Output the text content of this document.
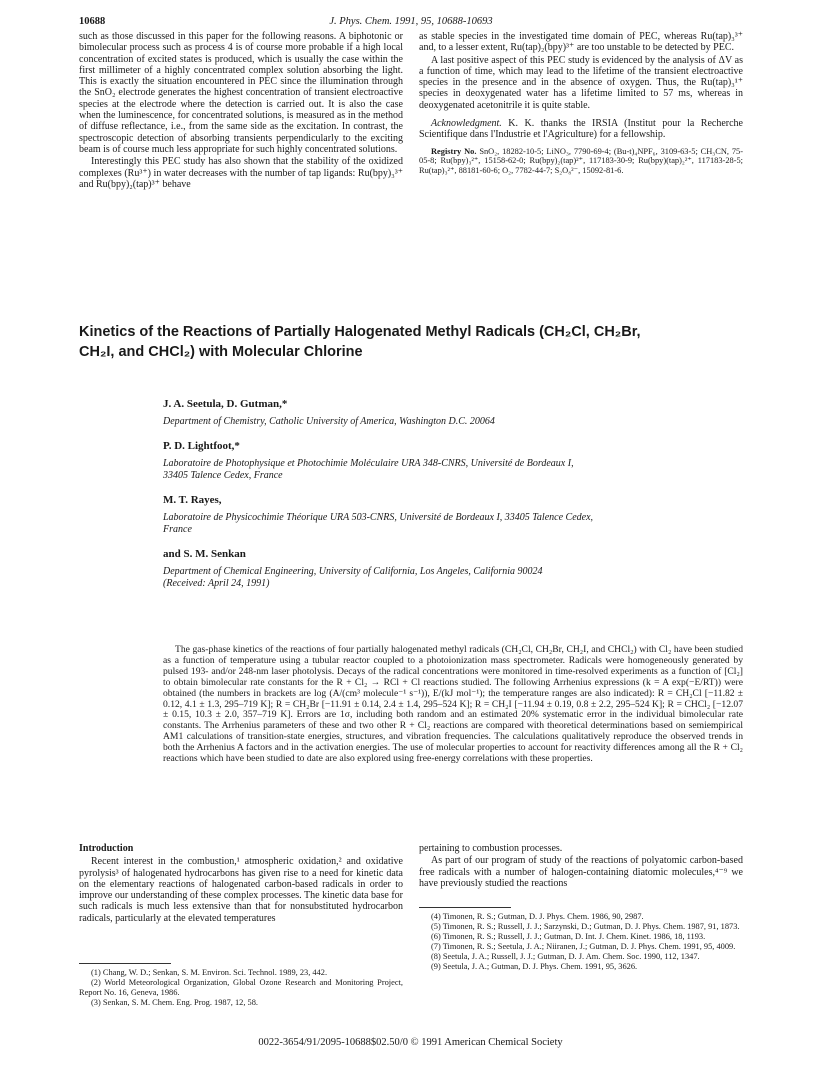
10688	J. Phys. Chem. 1991, 95, 10688-10693

such as those discussed in this paper for the following reasons. A biphotonic or bimolecular process such as process 4 is of course more probable if a high local concentration of excited states is produced, which is usually the case within the first millimeter of a highly concentrated complex solution absorbing the light. This is exactly the situation encountered in PEC since the illumination through the SnO₂ electrode generates the highest concentration of transient electroactive species at the electrode where the detection is carried out. It is also the case when the luminescence, for concentrated solutions, is measured as in the method of diffuse reflectance, i.e., from the same side as the excitation. In contrast, the spectroscopic detection of absorbing transients perpendicularly to the exciting beam is of course much less appropriate for such highly concentrated solutions.

Interestingly this PEC study has also shown that the stability of the oxidized complexes (Ru³⁺) in water decreases with the number of tap ligands: Ru(bpy)₃³⁺ and Ru(bpy)₂(tap)³⁺ behave

as stable species in the investigated time domain of PEC, whereas Ru(tap)₃³⁺ and, to a lesser extent, Ru(tap)₂(bpy)³⁺ are too unstable to be detected by PEC.

A last positive aspect of this PEC study is evidenced by the analysis of ΔV as a function of time, which may lead to the lifetime of the transient electroactive species in the presence and in the absence of oxygen. Thus, the Ru(tap)₃¹⁺ species in deoxygenated water has a lifetime limited to 57 ms, whereas in deoxygenated acetonitrile it is quite stable.

Acknowledgment. K. K. thanks the IRSIA (Institut pour la Recherche Scientifique dans l'Industrie et l'Agriculture) for a fellowship.
Registry No. SnO₂, 18282-10-5; LiNO₃, 7790-69-4; (Bu-t)₄NPF₆, 3109-63-5; CH₃CN, 75-05-8; Ru(bpy)₃²⁺, 15158-62-0; Ru(bpy)₂(tap)²⁺, 117183-30-9; Ru(bpy)(tap)₂²⁺, 117183-28-5; Ru(tap)₃²⁺, 88181-60-6; O₂, 7782-44-7; S₂O₈²⁻, 15092-81-6.
Kinetics of the Reactions of Partially Halogenated Methyl Radicals (CH₂Cl, CH₂Br,
CH₂I, and CHCl₂) with Molecular Chlorine
J. A. Seetula, D. Gutman,*
Department of Chemistry, Catholic University of America, Washington D.C. 20064
P. D. Lightfoot,*
Laboratoire de Photophysique et Photochimie Moléculaire URA 348-CNRS, Université de Bordeaux I,
33405 Talence Cedex, France
M. T. Rayes,
Laboratoire de Physicochimie Théorique URA 503-CNRS, Université de Bordeaux I, 33405 Talence Cedex,
France
and S. M. Senkan
Department of Chemical Engineering, University of California, Los Angeles, California 90024
(Received: April 24, 1991)
The gas-phase kinetics of the reactions of four partially halogenated methyl radicals (CH₂Cl, CH₂Br, CH₂I, and CHCl₂) with Cl₂ have been studied as a function of temperature using a tubular reactor coupled to a photoionization mass spectrometer. Radicals were homogeneously generated by pulsed 193- and/or 248-nm laser photolysis. Decays of the radical concentrations were monitored in time-resolved experiments as a function of [Cl₂] to obtain bimolecular rate constants for the R + Cl₂ → RCl + Cl reactions studied. The following Arrhenius expressions (k = A exp(−E/RT)) were obtained (the numbers in brackets are log (A/(cm³ molecule⁻¹ s⁻¹)), E/(kJ mol⁻¹); the temperature ranges are also indicated): R = CH₂Cl [−11.82 ± 0.12, 4.1 ± 1.3, 295–719 K]; R = CH₂Br [−11.91 ± 0.14, 2.4 ± 1.4, 295–524 K]; R = CH₂I [−11.94 ± 0.19, 0.8 ± 2.2, 295–524 K]; R = CHCl₂ [−12.07 ± 0.15, 10.3 ± 2.0, 357–719 K]. Errors are 1σ, including both random and an estimated 20% systematic error in the individual bimolecular rate constants. The Arrhenius parameters of these and two other R + Cl₂ reactions are compared with theoretical determinations based on semiempirical AM1 calculations of transition-state energies, structures, and vibration frequencies. The calculations qualitatively reproduce the observed trends in both the Arrhenius A factors and in the activation energies. The use of molecular properties to account for reactivity differences among all the R + Cl₂ reactions which have been studied to date are also explored using free-energy correlations with these properties.
Introduction

Recent interest in the combustion,¹ atmospheric oxidation,² and oxidative pyrolysis³ of halogenated hydrocarbons has given rise to a need for kinetic data on the elementary reactions of halogenated carbon-based radicals in order to improve our understanding of these complex processes. The kinetic data base for such radicals is much less extensive than that for nonsubstituted hydrocarbon radicals, particularly at the elevated temperatures

pertaining to combustion processes.

As part of our program of study of the reactions of polyatomic carbon-based free radicals with a number of halogen-containing diatomic molecules,⁴⁻⁹ we have previously studied the reactions

(1) Chang, W. D.; Senkan, S. M. Environ. Sci. Technol. 1989, 23, 442.
(2) World Meteorological Organization, Global Ozone Research and Monitoring Project, Report No. 16, Geneva, 1986.
(3) Senkan, S. M. Chem. Eng. Prog. 1987, 12, 58.
(4) Timonen, R. S.; Gutman, D. J. Phys. Chem. 1986, 90, 2987.
(5) Timonen, R. S.; Russell, J. J.; Sarzynski, D.; Gutman, D. J. Phys. Chem. 1987, 91, 1873.
(6) Timonen, R. S.; Russell, J. J.; Gutman, D. Int. J. Chem. Kinet. 1986, 18, 1193.
(7) Timonen, R. S.; Seetula, J. A.; Niiranen, J.; Gutman, D. J. Phys. Chem. 1991, 95, 4009.
(8) Seetula, J. A.; Russell, J. J.; Gutman, D. J. Am. Chem. Soc. 1990, 112, 1347.
(9) Seetula, J. A.; Gutman, D. J. Phys. Chem. 1991, 95, 3626.
0022-3654/91/2095-10688$02.50/0 © 1991 American Chemical Society
